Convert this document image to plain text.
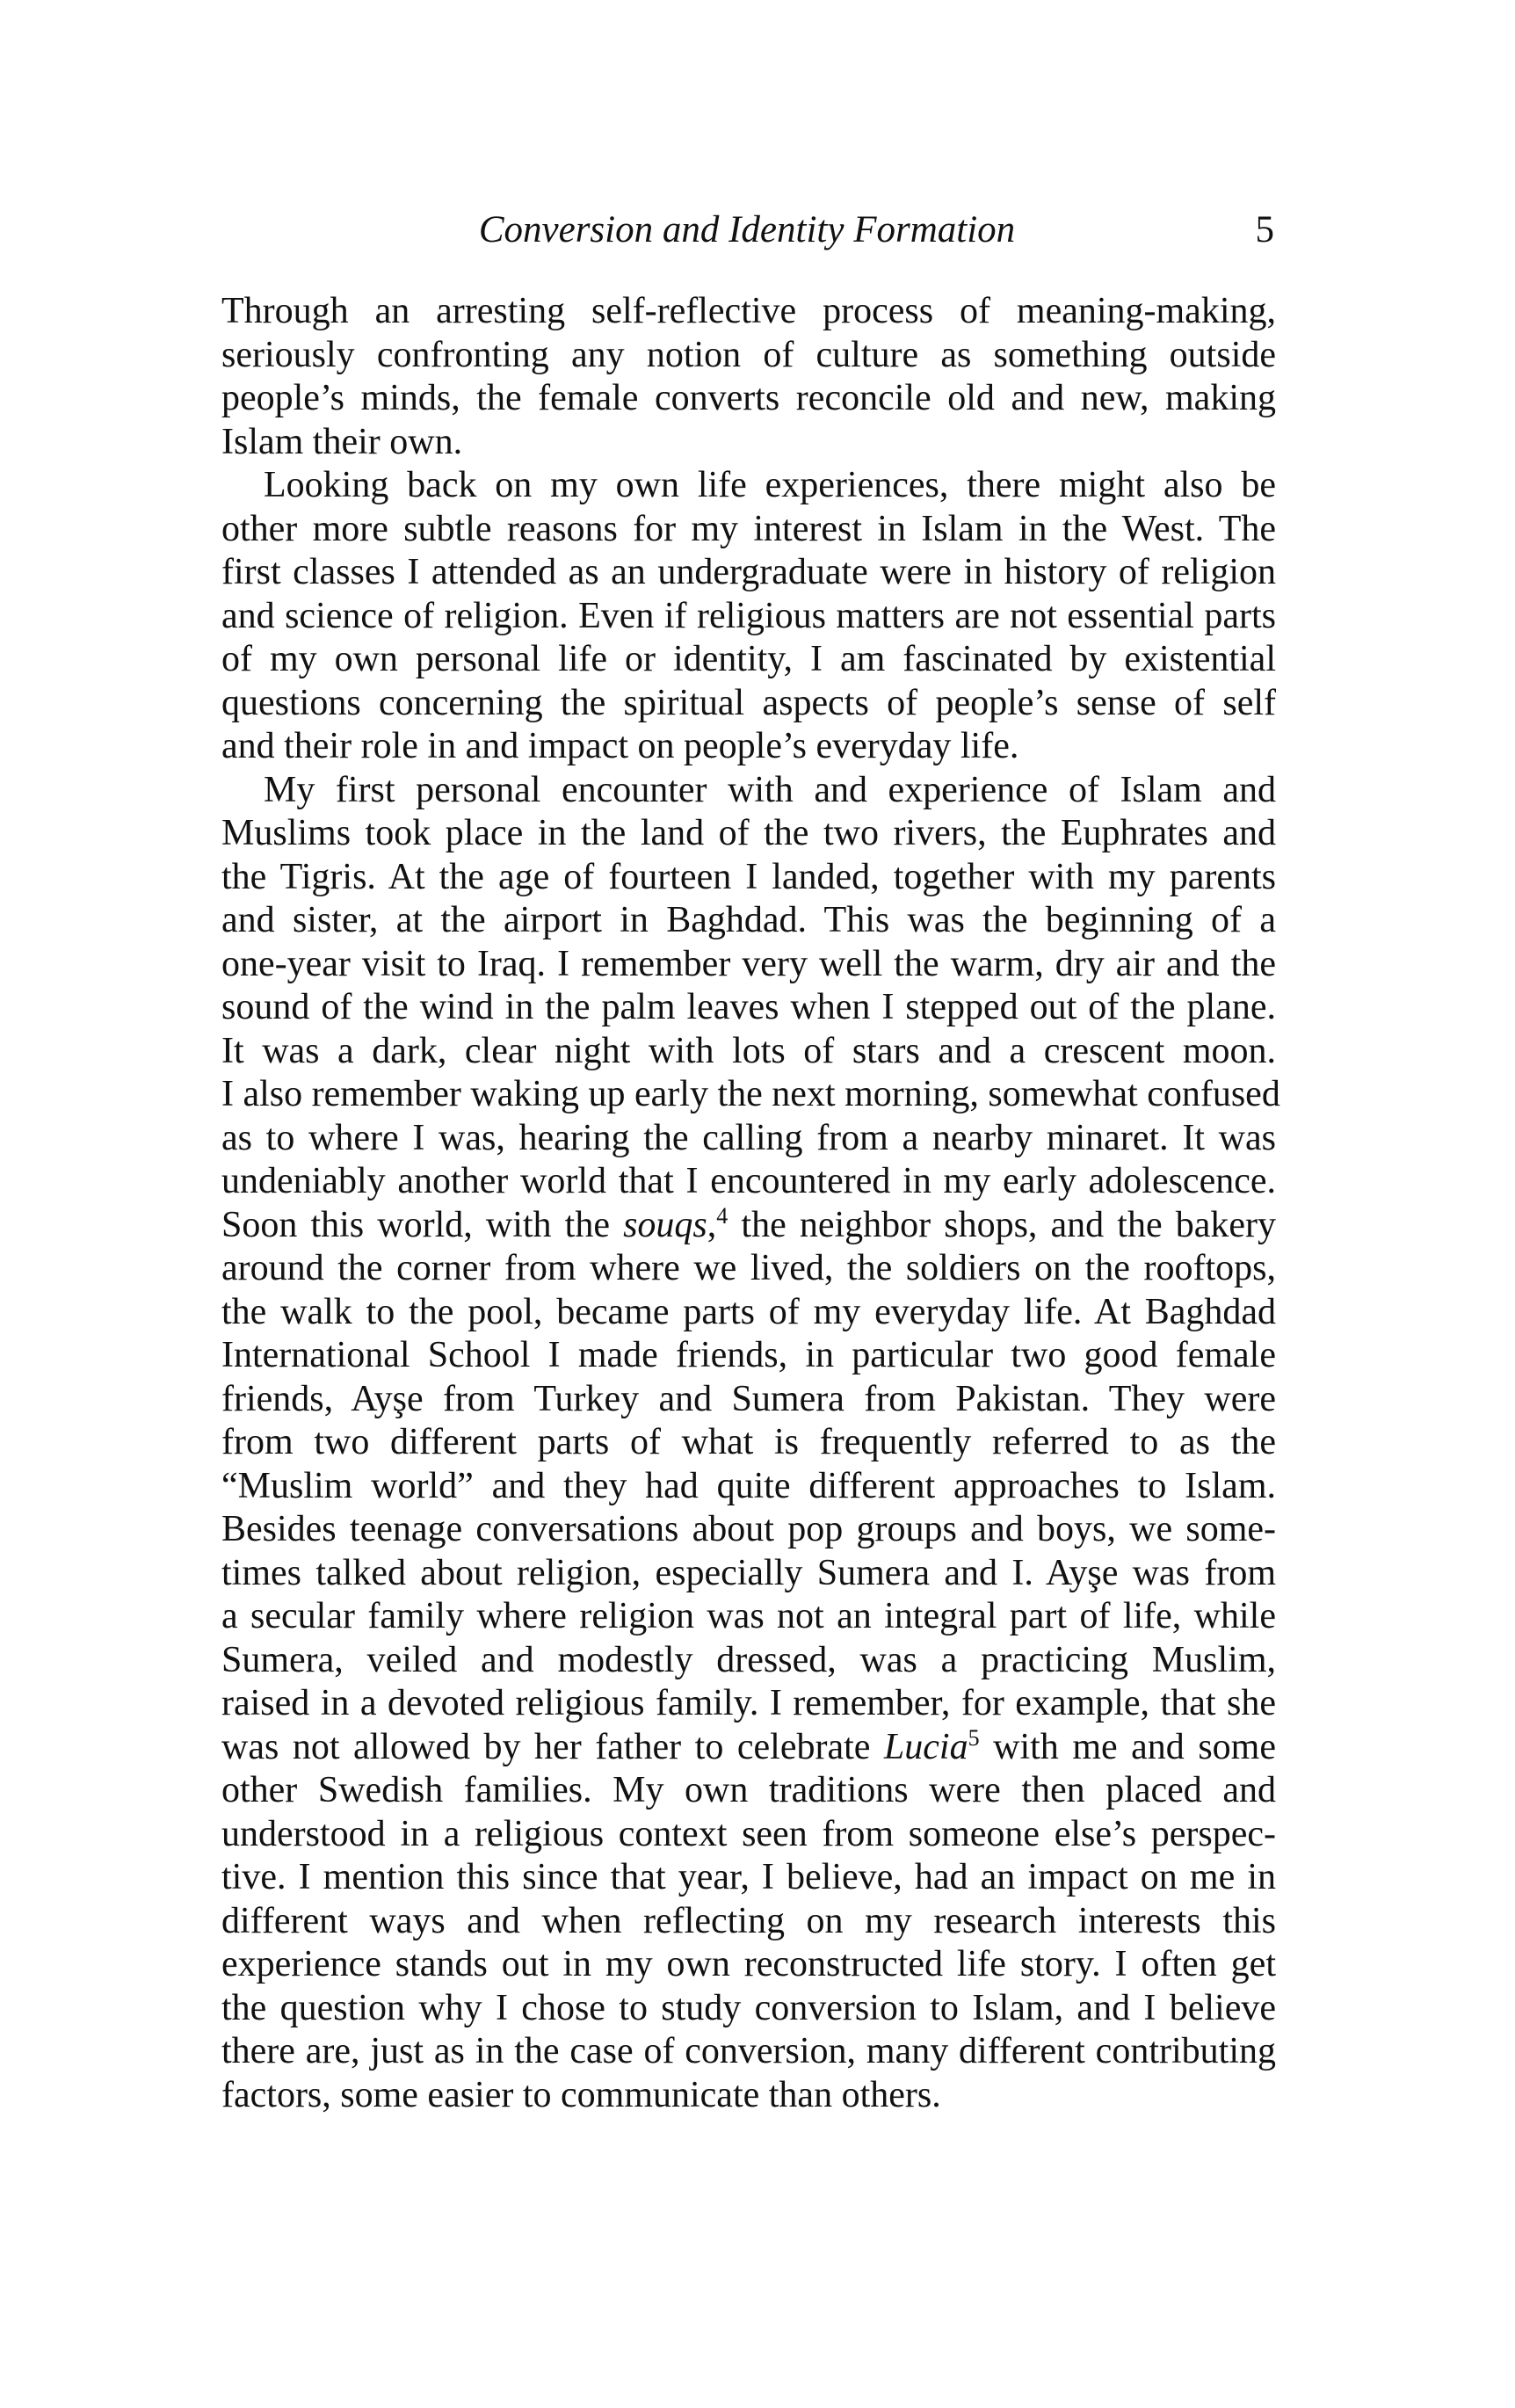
Conversion and Identity Formation	5
Through an arresting self-reflective process of meaning-making,
seriously confronting any notion of culture as something outside
people’s minds, the female converts reconcile old and new, making
Islam their own.
Looking back on my own life experiences, there might also be
other more subtle reasons for my interest in Islam in the West. The
first classes I attended as an undergraduate were in history of religion
and science of religion. Even if religious matters are not essential parts
of my own personal life or identity, I am fascinated by existential
questions concerning the spiritual aspects of people’s sense of self
and their role in and impact on people’s everyday life.
My first personal encounter with and experience of Islam and
Muslims took place in the land of the two rivers, the Euphrates and
the Tigris. At the age of fourteen I landed, together with my parents
and sister, at the airport in Baghdad. This was the beginning of a
one-year visit to Iraq. I remember very well the warm, dry air and the
sound of the wind in the palm leaves when I stepped out of the plane.
It was a dark, clear night with lots of stars and a crescent moon.
I also remember waking up early the next morning, somewhat confused
as to where I was, hearing the calling from a nearby minaret. It was
undeniably another world that I encountered in my early adolescence.
Soon this world, with the souqs,$^4$ the neighbor shops, and the bakery
around the corner from where we lived, the soldiers on the rooftops,
the walk to the pool, became parts of my everyday life. At Baghdad
International School I made friends, in particular two good female
friends, Ayşe from Turkey and Sumera from Pakistan. They were
from two different parts of what is frequently referred to as the
“Muslim world” and they had quite different approaches to Islam.
Besides teenage conversations about pop groups and boys, we some-
times talked about religion, especially Sumera and I. Ayşe was from
a secular family where religion was not an integral part of life, while
Sumera, veiled and modestly dressed, was a practicing Muslim,
raised in a devoted religious family. I remember, for example, that she
was not allowed by her father to celebrate Lucia$^5$ with me and some
other Swedish families. My own traditions were then placed and
understood in a religious context seen from someone else’s perspec-
tive. I mention this since that year, I believe, had an impact on me in
different ways and when reflecting on my research interests this
experience stands out in my own reconstructed life story. I often get
the question why I chose to study conversion to Islam, and I believe
there are, just as in the case of conversion, many different contributing
factors, some easier to communicate than others.
